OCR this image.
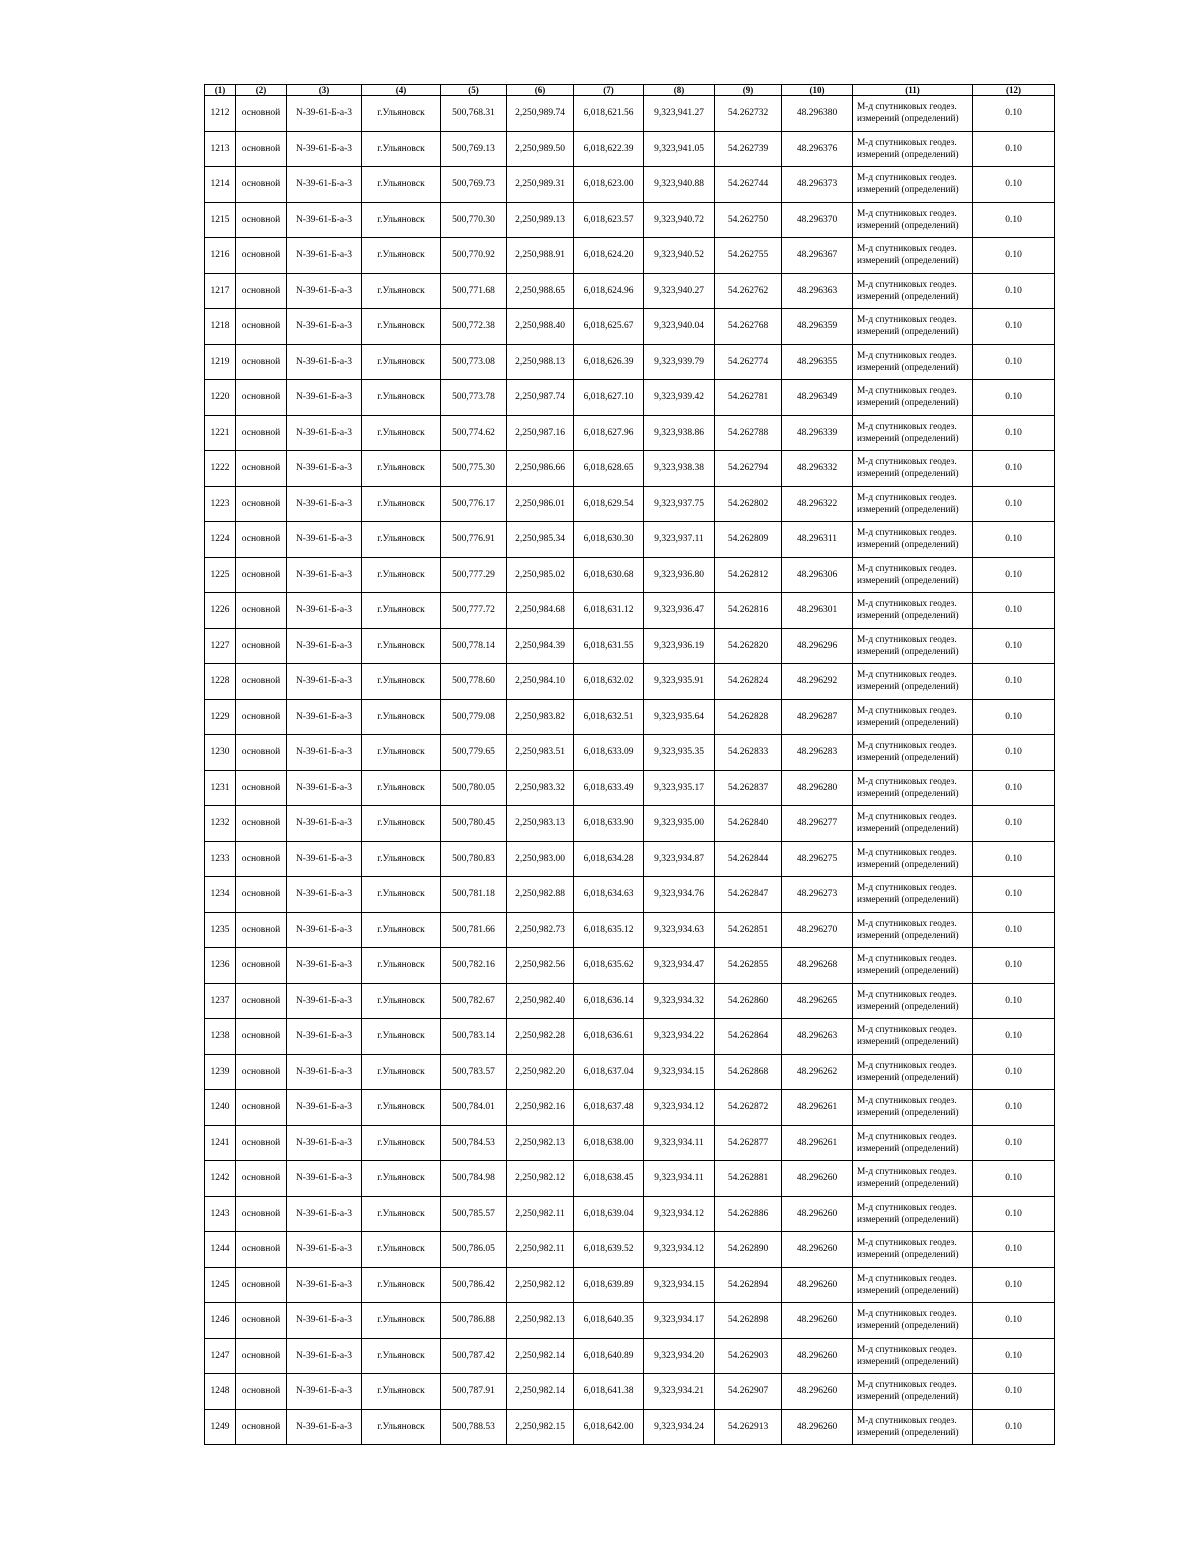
(1)	(2)	(3)	(4)	(5)	(6)	(7)	(8)	(9)	(10)	(11)	(12)
1212	основной	N-39-61-Б-а-3	г.Ульяновск	500,768.31	2,250,989.74	6,018,621.56	9,323,941.27	54.262732	48.296380	М-д спутниковых геодез. измерений (определений)	0.10
1213	основной	N-39-61-Б-а-3	г.Ульяновск	500,769.13	2,250,989.50	6,018,622.39	9,323,941.05	54.262739	48.296376	М-д спутниковых геодез. измерений (определений)	0.10
1214	основной	N-39-61-Б-а-3	г.Ульяновск	500,769.73	2,250,989.31	6,018,623.00	9,323,940.88	54.262744	48.296373	М-д спутниковых геодез. измерений (определений)	0.10
1215	основной	N-39-61-Б-а-3	г.Ульяновск	500,770.30	2,250,989.13	6,018,623.57	9,323,940.72	54.262750	48.296370	М-д спутниковых геодез. измерений (определений)	0.10
1216	основной	N-39-61-Б-а-3	г.Ульяновск	500,770.92	2,250,988.91	6,018,624.20	9,323,940.52	54.262755	48.296367	М-д спутниковых геодез. измерений (определений)	0.10
1217	основной	N-39-61-Б-а-3	г.Ульяновск	500,771.68	2,250,988.65	6,018,624.96	9,323,940.27	54.262762	48.296363	М-д спутниковых геодез. измерений (определений)	0.10
1218	основной	N-39-61-Б-а-3	г.Ульяновск	500,772.38	2,250,988.40	6,018,625.67	9,323,940.04	54.262768	48.296359	М-д спутниковых геодез. измерений (определений)	0.10
1219	основной	N-39-61-Б-а-3	г.Ульяновск	500,773.08	2,250,988.13	6,018,626.39	9,323,939.79	54.262774	48.296355	М-д спутниковых геодез. измерений (определений)	0.10
1220	основной	N-39-61-Б-а-3	г.Ульяновск	500,773.78	2,250,987.74	6,018,627.10	9,323,939.42	54.262781	48.296349	М-д спутниковых геодез. измерений (определений)	0.10
1221	основной	N-39-61-Б-а-3	г.Ульяновск	500,774.62	2,250,987.16	6,018,627.96	9,323,938.86	54.262788	48.296339	М-д спутниковых геодез. измерений (определений)	0.10
1222	основной	N-39-61-Б-а-3	г.Ульяновск	500,775.30	2,250,986.66	6,018,628.65	9,323,938.38	54.262794	48.296332	М-д спутниковых геодез. измерений (определений)	0.10
1223	основной	N-39-61-Б-а-3	г.Ульяновск	500,776.17	2,250,986.01	6,018,629.54	9,323,937.75	54.262802	48.296322	М-д спутниковых геодез. измерений (определений)	0.10
1224	основной	N-39-61-Б-а-3	г.Ульяновск	500,776.91	2,250,985.34	6,018,630.30	9,323,937.11	54.262809	48.296311	М-д спутниковых геодез. измерений (определений)	0.10
1225	основной	N-39-61-Б-а-3	г.Ульяновск	500,777.29	2,250,985.02	6,018,630.68	9,323,936.80	54.262812	48.296306	М-д спутниковых геодез. измерений (определений)	0.10
1226	основной	N-39-61-Б-а-3	г.Ульяновск	500,777.72	2,250,984.68	6,018,631.12	9,323,936.47	54.262816	48.296301	М-д спутниковых геодез. измерений (определений)	0.10
1227	основной	N-39-61-Б-а-3	г.Ульяновск	500,778.14	2,250,984.39	6,018,631.55	9,323,936.19	54.262820	48.296296	М-д спутниковых геодез. измерений (определений)	0.10
1228	основной	N-39-61-Б-а-3	г.Ульяновск	500,778.60	2,250,984.10	6,018,632.02	9,323,935.91	54.262824	48.296292	М-д спутниковых геодез. измерений (определений)	0.10
1229	основной	N-39-61-Б-а-3	г.Ульяновск	500,779.08	2,250,983.82	6,018,632.51	9,323,935.64	54.262828	48.296287	М-д спутниковых геодез. измерений (определений)	0.10
1230	основной	N-39-61-Б-а-3	г.Ульяновск	500,779.65	2,250,983.51	6,018,633.09	9,323,935.35	54.262833	48.296283	М-д спутниковых геодез. измерений (определений)	0.10
1231	основной	N-39-61-Б-а-3	г.Ульяновск	500,780.05	2,250,983.32	6,018,633.49	9,323,935.17	54.262837	48.296280	М-д спутниковых геодез. измерений (определений)	0.10
1232	основной	N-39-61-Б-а-3	г.Ульяновск	500,780.45	2,250,983.13	6,018,633.90	9,323,935.00	54.262840	48.296277	М-д спутниковых геодез. измерений (определений)	0.10
1233	основной	N-39-61-Б-а-3	г.Ульяновск	500,780.83	2,250,983.00	6,018,634.28	9,323,934.87	54.262844	48.296275	М-д спутниковых геодез. измерений (определений)	0.10
1234	основной	N-39-61-Б-а-3	г.Ульяновск	500,781.18	2,250,982.88	6,018,634.63	9,323,934.76	54.262847	48.296273	М-д спутниковых геодез. измерений (определений)	0.10
1235	основной	N-39-61-Б-а-3	г.Ульяновск	500,781.66	2,250,982.73	6,018,635.12	9,323,934.63	54.262851	48.296270	М-д спутниковых геодез. измерений (определений)	0.10
1236	основной	N-39-61-Б-а-3	г.Ульяновск	500,782.16	2,250,982.56	6,018,635.62	9,323,934.47	54.262855	48.296268	М-д спутниковых геодез. измерений (определений)	0.10
1237	основной	N-39-61-Б-а-3	г.Ульяновск	500,782.67	2,250,982.40	6,018,636.14	9,323,934.32	54.262860	48.296265	М-д спутниковых геодез. измерений (определений)	0.10
1238	основной	N-39-61-Б-а-3	г.Ульяновск	500,783.14	2,250,982.28	6,018,636.61	9,323,934.22	54.262864	48.296263	М-д спутниковых геодез. измерений (определений)	0.10
1239	основной	N-39-61-Б-а-3	г.Ульяновск	500,783.57	2,250,982.20	6,018,637.04	9,323,934.15	54.262868	48.296262	М-д спутниковых геодез. измерений (определений)	0.10
1240	основной	N-39-61-Б-а-3	г.Ульяновск	500,784.01	2,250,982.16	6,018,637.48	9,323,934.12	54.262872	48.296261	М-д спутниковых геодез. измерений (определений)	0.10
1241	основной	N-39-61-Б-а-3	г.Ульяновск	500,784.53	2,250,982.13	6,018,638.00	9,323,934.11	54.262877	48.296261	М-д спутниковых геодез. измерений (определений)	0.10
1242	основной	N-39-61-Б-а-3	г.Ульяновск	500,784.98	2,250,982.12	6,018,638.45	9,323,934.11	54.262881	48.296260	М-д спутниковых геодез. измерений (определений)	0.10
1243	основной	N-39-61-Б-а-3	г.Ульяновск	500,785.57	2,250,982.11	6,018,639.04	9,323,934.12	54.262886	48.296260	М-д спутниковых геодез. измерений (определений)	0.10
1244	основной	N-39-61-Б-а-3	г.Ульяновск	500,786.05	2,250,982.11	6,018,639.52	9,323,934.12	54.262890	48.296260	М-д спутниковых геодез. измерений (определений)	0.10
1245	основной	N-39-61-Б-а-3	г.Ульяновск	500,786.42	2,250,982.12	6,018,639.89	9,323,934.15	54.262894	48.296260	М-д спутниковых геодез. измерений (определений)	0.10
1246	основной	N-39-61-Б-а-3	г.Ульяновск	500,786.88	2,250,982.13	6,018,640.35	9,323,934.17	54.262898	48.296260	М-д спутниковых геодез. измерений (определений)	0.10
1247	основной	N-39-61-Б-а-3	г.Ульяновск	500,787.42	2,250,982.14	6,018,640.89	9,323,934.20	54.262903	48.296260	М-д спутниковых геодез. измерений (определений)	0.10
1248	основной	N-39-61-Б-а-3	г.Ульяновск	500,787.91	2,250,982.14	6,018,641.38	9,323,934.21	54.262907	48.296260	М-д спутниковых геодез. измерений (определений)	0.10
1249	основной	N-39-61-Б-а-3	г.Ульяновск	500,788.53	2,250,982.15	6,018,642.00	9,323,934.24	54.262913	48.296260	М-д спутниковых геодез. измерений (определений)	0.10
